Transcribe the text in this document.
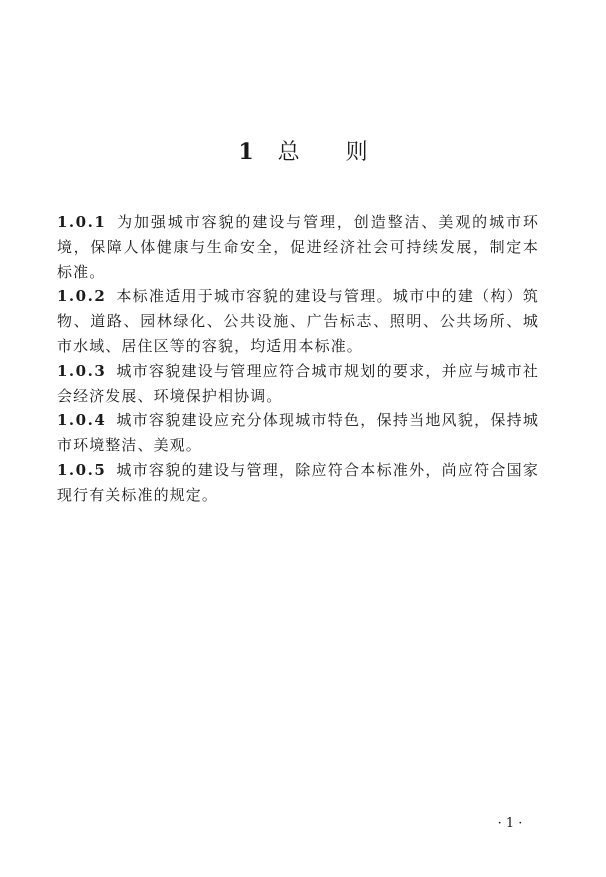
1 总 则

1.0.1 为加强城市容貌的建设与管理，创造整洁、美观的城市环境，保障人体健康与生命安全，促进经济社会可持续发展，制定本标准。

1.0.2 本标准适用于城市容貌的建设与管理。城市中的建（构）筑物、道路、园林绿化、公共设施、广告标志、照明、公共场所、城市水域、居住区等的容貌，均适用本标准。

1.0.3 城市容貌建设与管理应符合城市规划的要求，并应与城市社会经济发展、环境保护相协调。

1.0.4 城市容貌建设应充分体现城市特色，保持当地风貌，保持城市环境整洁、美观。

1.0.5 城市容貌的建设与管理，除应符合本标准外，尚应符合国家现行有关标准的规定。

· 1 ·
